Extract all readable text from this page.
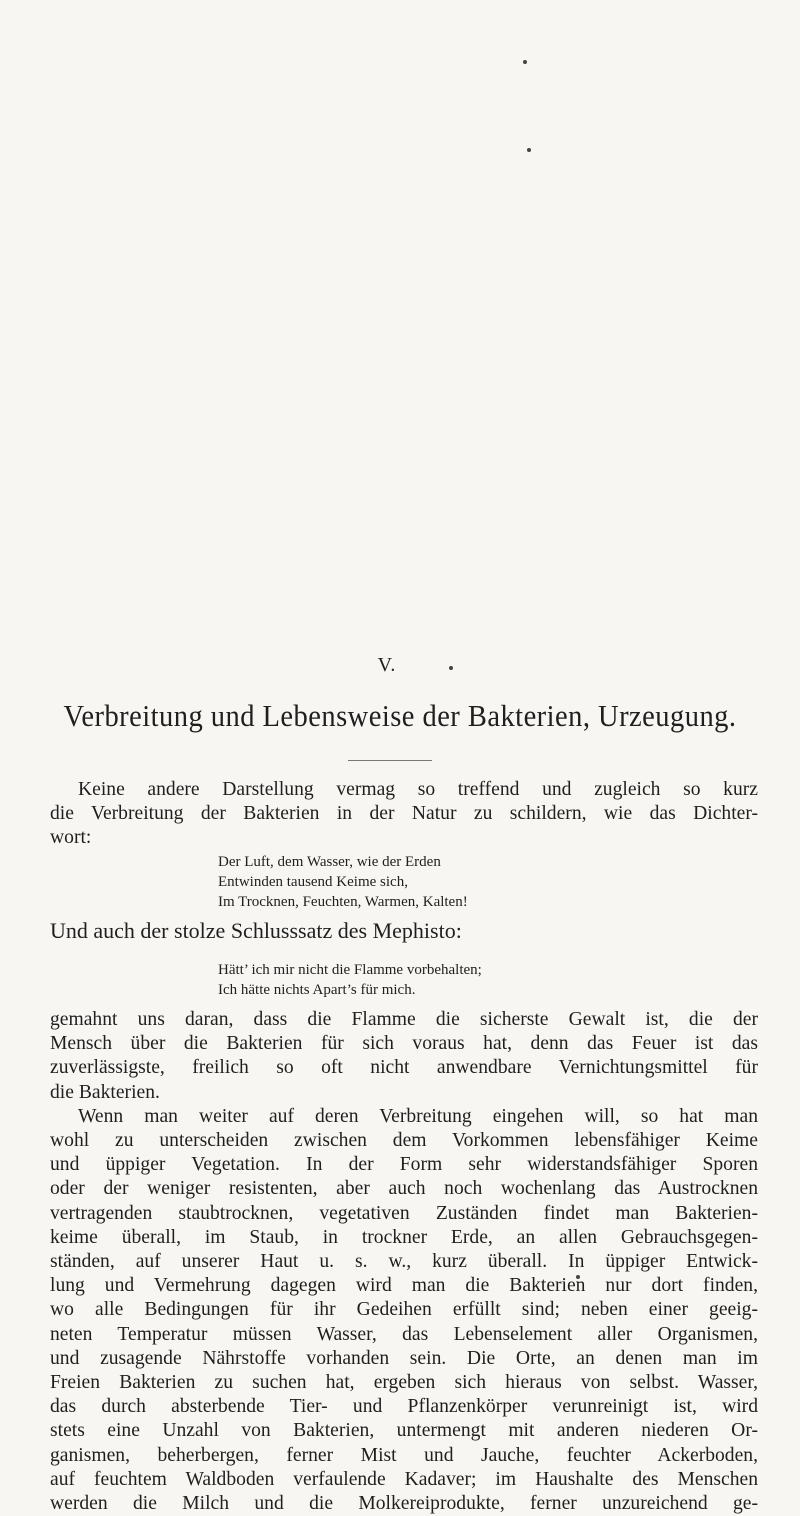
V.
Verbreitung und Lebensweise der Bakterien, Urzeugung.
Keine andere Darstellung vermag so treffend und zugleich so kurz
die Verbreitung der Bakterien in der Natur zu schildern, wie das Dichter-
wort:
Der Luft, dem Wasser, wie der Erden
Entwinden tausend Keime sich,
Im Trocknen, Feuchten, Warmen, Kalten!
Und auch der stolze Schlusssatz des Mephisto:
Hätt’ ich mir nicht die Flamme vorbehalten;
Ich hätte nichts Apart’s für mich.
gemahnt uns daran, dass die Flamme die sicherste Gewalt ist, die der
Mensch über die Bakterien für sich voraus hat, denn das Feuer ist das
zuverlässigste, freilich so oft nicht anwendbare Vernichtungsmittel für
die Bakterien.
Wenn man weiter auf deren Verbreitung eingehen will, so hat man
wohl zu unterscheiden zwischen dem Vorkommen lebensfähiger Keime
und üppiger Vegetation. In der Form sehr widerstandsfähiger Sporen
oder der weniger resistenten, aber auch noch wochenlang das Austrocknen
vertragenden staubtrocknen, vegetativen Zuständen findet man Bakterien-
keime überall, im Staub, in trockner Erde, an allen Gebrauchsgegen-
ständen, auf unserer Haut u. s. w., kurz überall. In üppiger Entwick-
lung und Vermehrung dagegen wird man die Bakterien nur dort finden,
wo alle Bedingungen für ihr Gedeihen erfüllt sind; neben einer geeig-
neten Temperatur müssen Wasser, das Lebenselement aller Organismen,
und zusagende Nährstoffe vorhanden sein. Die Orte, an denen man im
Freien Bakterien zu suchen hat, ergeben sich hieraus von selbst. Wasser,
das durch absterbende Tier- und Pflanzenkörper verunreinigt ist, wird
stets eine Unzahl von Bakterien, untermengt mit anderen niederen Or-
ganismen, beherbergen, ferner Mist und Jauche, feuchter Ackerboden,
auf feuchtem Waldboden verfaulende Kadaver; im Haushalte des Menschen
werden die Milch und die Molkereiprodukte, ferner unzureichend ge-
